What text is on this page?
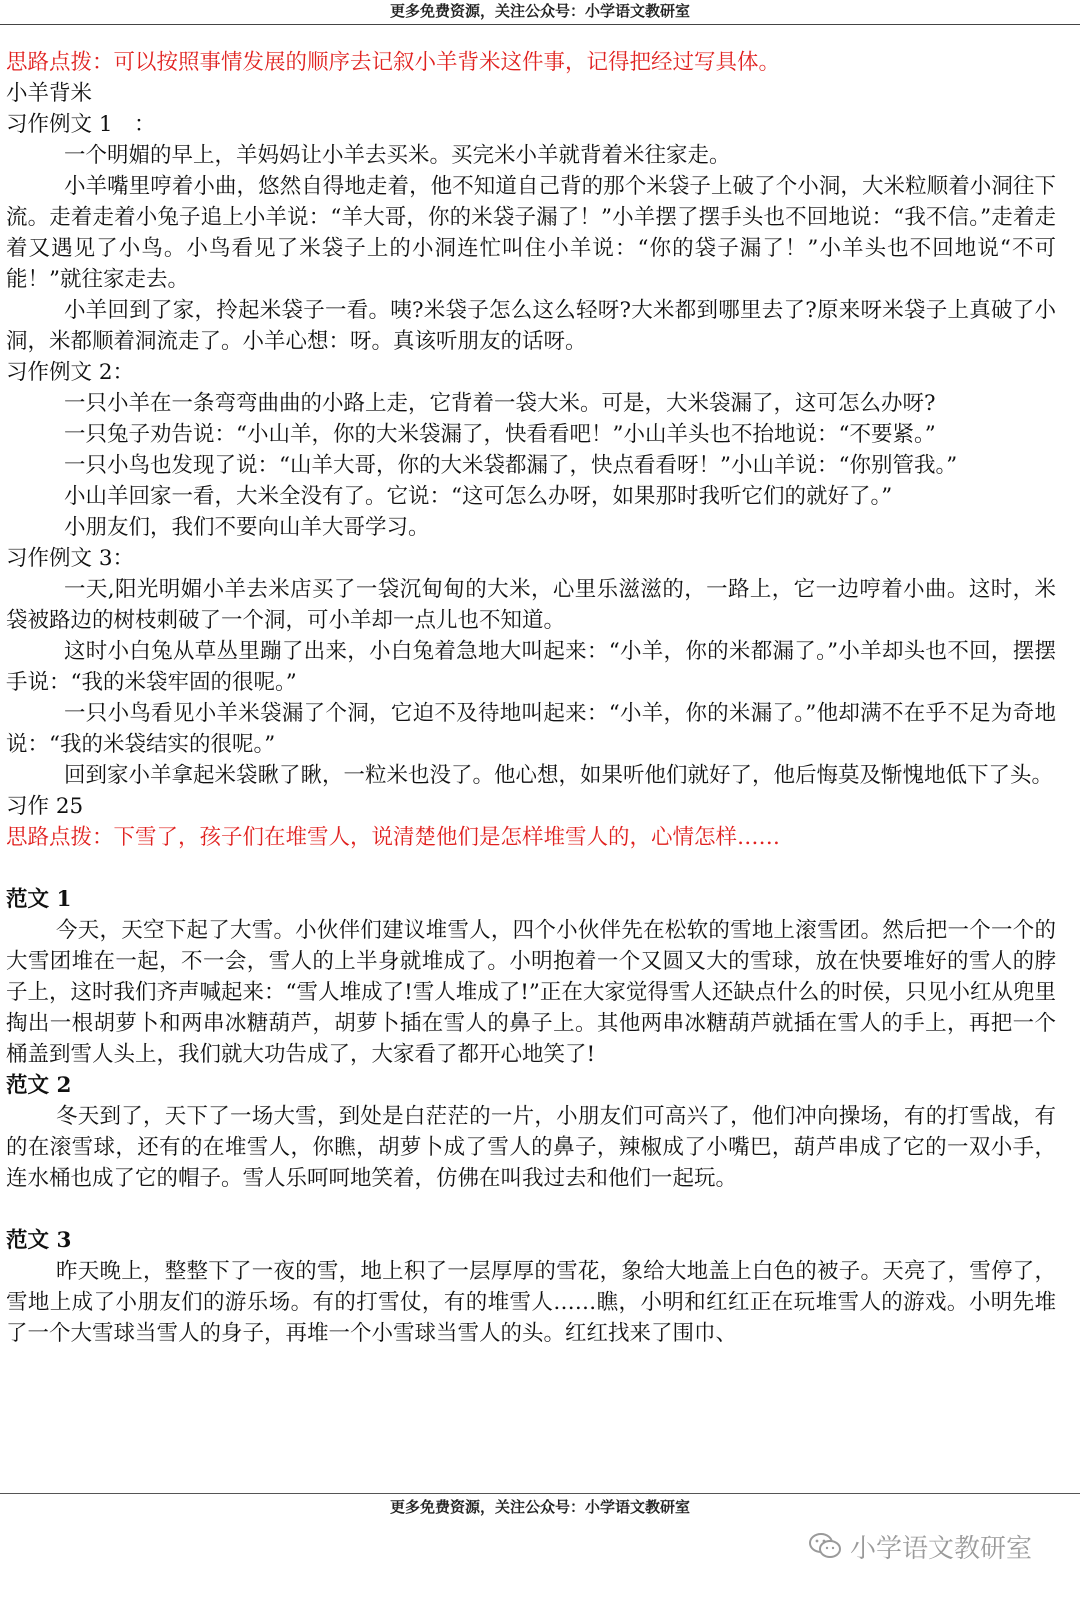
更多免费资源，关注公众号：小学语文教研室

思路点拨：可以按照事情发展的顺序去记叙小羊背米这件事，记得把经过写具体。

小羊背米

习作例文 1　：

一个明媚的早上，羊妈妈让小羊去买米。买完米小羊就背着米往家走。

小羊嘴里哼着小曲，悠然自得地走着，他不知道自己背的那个米袋子上破了个小洞，大米粒顺着小洞往下流。走着走着小兔子追上小羊说：“羊大哥，你的米袋子漏了！”小羊摆了摆手头也不回地说：“我不信。”走着走着又遇见了小鸟。小鸟看见了米袋子上的小洞连忙叫住小羊说：“你的袋子漏了！”小羊头也不回地说“不可能！”就往家走去。

小羊回到了家，拎起米袋子一看。咦?米袋子怎么这么轻呀?大米都到哪里去了?原来呀米袋子上真破了小洞，米都顺着洞流走了。小羊心想：呀。真该听朋友的话呀。

习作例文 2：

一只小羊在一条弯弯曲曲的小路上走，它背着一袋大米。可是，大米袋漏了，这可怎么办呀?

一只兔子劝告说：“小山羊，你的大米袋漏了，快看看吧！”小山羊头也不抬地说：“不要紧。”

一只小鸟也发现了说：“山羊大哥，你的大米袋都漏了，快点看看呀！”小山羊说：“你别管我。”

小山羊回家一看，大米全没有了。它说：“这可怎么办呀，如果那时我听它们的就好了。”

小朋友们，我们不要向山羊大哥学习。

习作例文 3：

一天,阳光明媚小羊去米店买了一袋沉甸甸的大米，心里乐滋滋的，一路上，它一边哼着小曲。这时，米袋被路边的树枝刺破了一个洞，可小羊却一点儿也不知道。

这时小白兔从草丛里蹦了出来，小白兔着急地大叫起来：“小羊，你的米都漏了。”小羊却头也不回，摆摆手说：“我的米袋牢固的很呢。”

一只小鸟看见小羊米袋漏了个洞，它迫不及待地叫起来：“小羊，你的米漏了。”他却满不在乎不足为奇地说：“我的米袋结实的很呢。”

回到家小羊拿起米袋瞅了瞅，一粒米也没了。他心想，如果听他们就好了，他后悔莫及惭愧地低下了头。

习作 25

思路点拨：下雪了，孩子们在堆雪人，说清楚他们是怎样堆雪人的，心情怎样……

范文 1

今天，天空下起了大雪。小伙伴们建议堆雪人，四个小伙伴先在松软的雪地上滚雪团。然后把一个一个的大雪团堆在一起，不一会，雪人的上半身就堆成了。小明抱着一个又圆又大的雪球，放在快要堆好的雪人的脖子上，这时我们齐声喊起来：“雪人堆成了!雪人堆成了!”正在大家觉得雪人还缺点什么的时侯，只见小红从兜里掏出一根胡萝卜和两串冰糖葫芦，胡萝卜插在雪人的鼻子上。其他两串冰糖葫芦就插在雪人的手上，再把一个桶盖到雪人头上，我们就大功告成了，大家看了都开心地笑了!

范文 2

冬天到了，天下了一场大雪，到处是白茫茫的一片，小朋友们可高兴了，他们冲向操场，有的打雪战，有的在滚雪球，还有的在堆雪人，你瞧，胡萝卜成了雪人的鼻子，辣椒成了小嘴巴，葫芦串成了它的一双小手，连水桶也成了它的帽子。雪人乐呵呵地笑着，仿佛在叫我过去和他们一起玩。

范文 3

昨天晚上，整整下了一夜的雪，地上积了一层厚厚的雪花，象给大地盖上白色的被子。天亮了，雪停了，雪地上成了小朋友们的游乐场。有的打雪仗，有的堆雪人……瞧，小明和红红正在玩堆雪人的游戏。小明先堆了一个大雪球当雪人的身子，再堆一个小雪球当雪人的头。红红找来了围巾、

更多免费资源，关注公众号：小学语文教研室
小学语文教研室
